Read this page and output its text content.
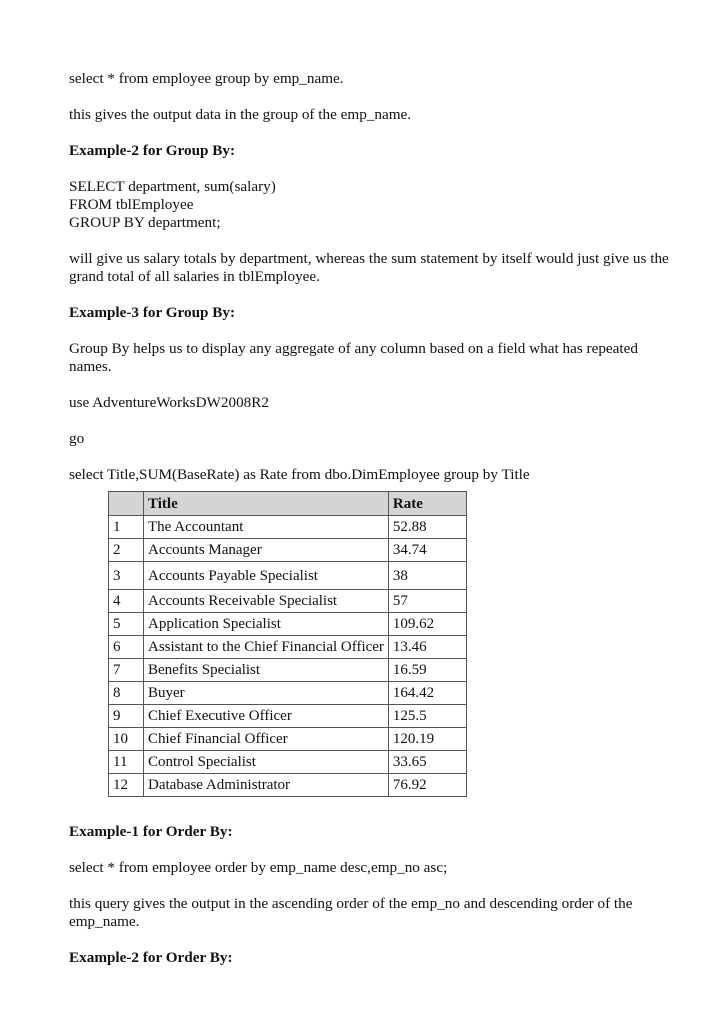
select * from employee group by emp_name.

this gives the output data in the group of the emp_name.

Example-2 for Group By:

SELECT department, sum(salary)

FROM tblEmployee

GROUP BY department;

will give us salary totals by department, whereas the sum statement by itself would just give us the

grand total of all salaries in tblEmployee.

Example-3 for Group By:

Group By helps us to display any aggregate of any column based on a field what has repeated

names.

use AdventureWorksDW2008R2

go

select Title,SUM(BaseRate) as Rate from dbo.DimEmployee group by Title

	Title	Rate
1	The Accountant	52.88
2	Accounts Manager	34.74
3	Accounts Payable Specialist	38
4	Accounts Receivable Specialist	57
5	Application Specialist	109.62
6	Assistant to the Chief Financial Officer	13.46
7	Benefits Specialist	16.59
8	Buyer	164.42
9	Chief Executive Officer	125.5
10	Chief Financial Officer	120.19
11	Control Specialist	33.65
12	Database Administrator	76.92

Example-1 for Order By:

select * from employee order by emp_name desc,emp_no asc;

this query gives the output in the ascending order of the emp_no and descending order of the

emp_name.

Example-2 for Order By:
